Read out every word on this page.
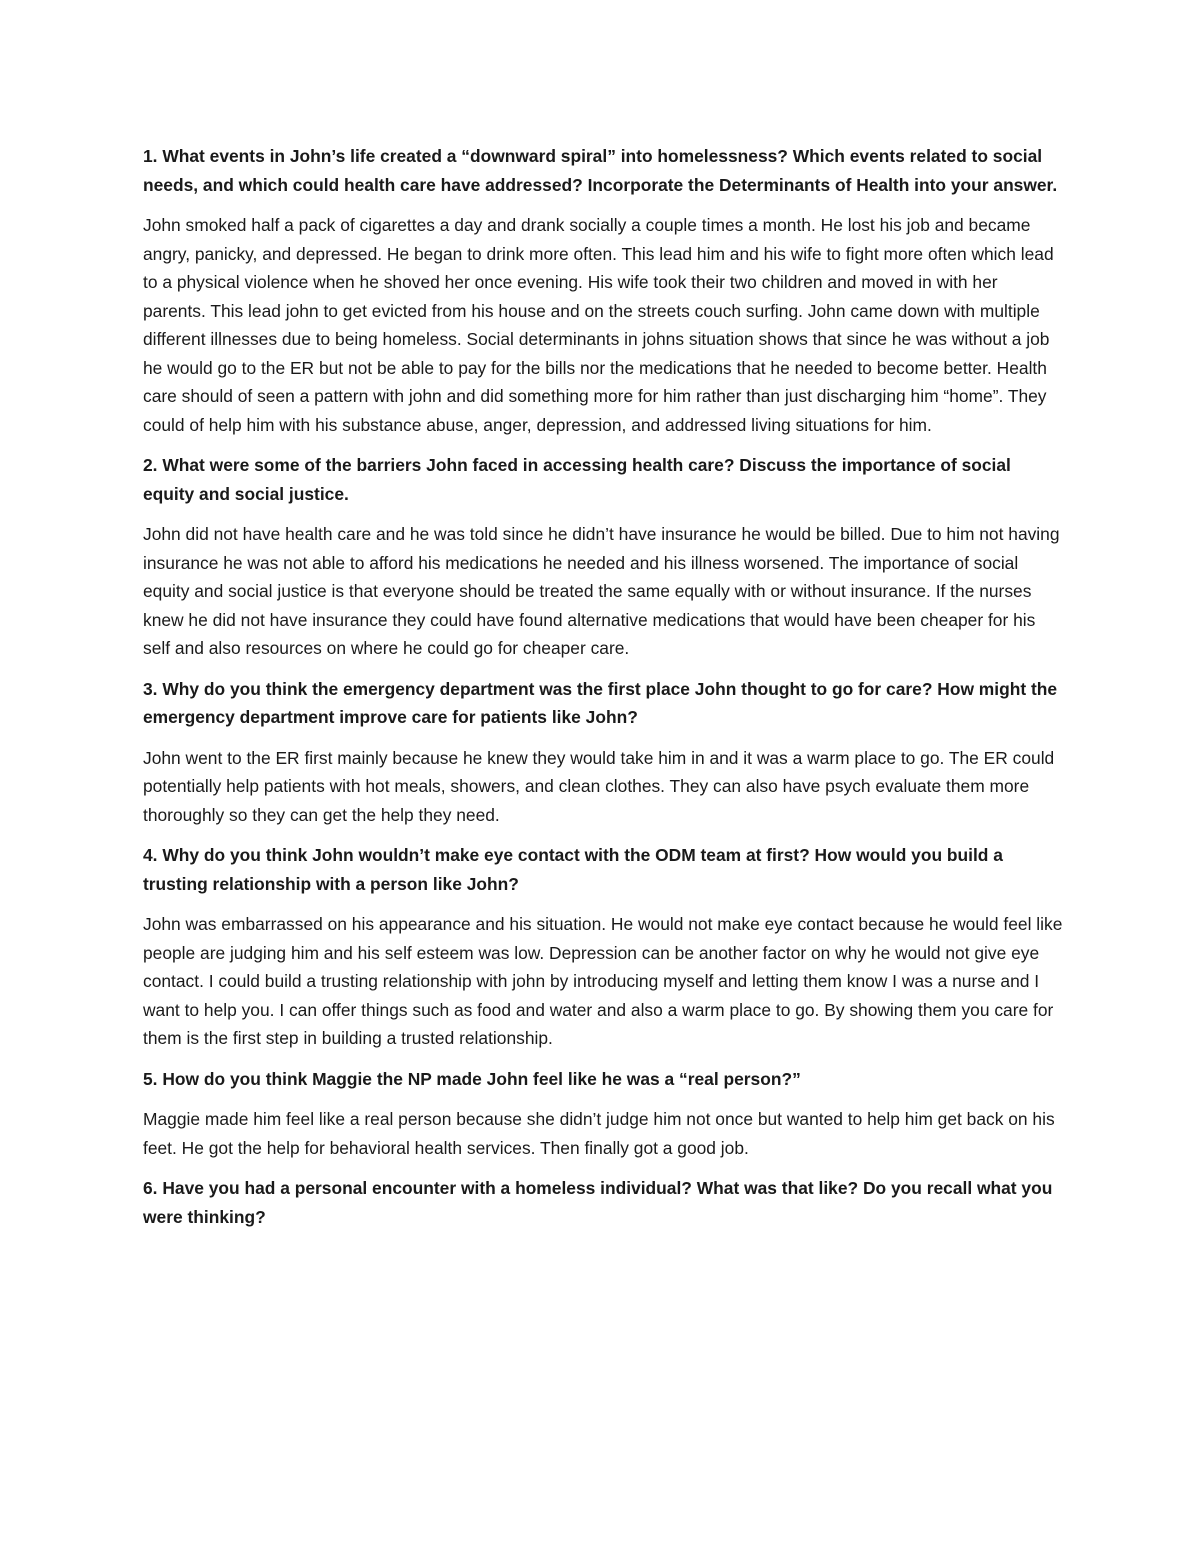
1. What events in John’s life created a “downward spiral” into homelessness? Which events related to social needs, and which could health care have addressed? Incorporate the Determinants of Health into your answer.

John smoked half a pack of cigarettes a day and drank socially a couple times a month. He lost his job and became angry, panicky, and depressed. He began to drink more often. This lead him and his wife to fight more often which lead to a physical violence when he shoved her once evening. His wife took their two children and moved in with her parents. This lead john to get evicted from his house and on the streets couch surfing. John came down with multiple different illnesses due to being homeless. Social determinants in johns situation shows that since he was without a job he would go to the ER but not be able to pay for the bills nor the medications that he needed to become better. Health care should of seen a pattern with john and did something more for him rather than just discharging him “home”. They could of help him with his substance abuse, anger, depression, and addressed living situations for him.

2. What were some of the barriers John faced in accessing health care? Discuss the importance of social equity and social justice.

John did not have health care and he was told since he didn’t have insurance he would be billed. Due to him not having insurance he was not able to afford his medications he needed and his illness worsened. The importance of social equity and social justice is that everyone should be treated the same equally with or without insurance. If the nurses knew he did not have insurance they could have found alternative medications that would have been cheaper for his self and also resources on where he could go for cheaper care.

3. Why do you think the emergency department was the first place John thought to go for care? How might the emergency department improve care for patients like John?

John went to the ER first mainly because he knew they would take him in and it was a warm place to go. The ER could potentially help patients with hot meals, showers, and clean clothes. They can also have psych evaluate them more thoroughly so they can get the help they need.

4. Why do you think John wouldn’t make eye contact with the ODM team at first? How would you build a trusting relationship with a person like John?

John was embarrassed on his appearance and his situation. He would not make eye contact because he would feel like people are judging him and his self esteem was low. Depression can be another factor on why he would not give eye contact. I could build a trusting relationship with john by introducing myself and letting them know I was a nurse and I want to help you. I can offer things such as food and water and also a warm place to go. By showing them you care for them is the first step in building a trusted relationship.

5. How do you think Maggie the NP made John feel like he was a “real person?”

Maggie made him feel like a real person because she didn’t judge him not once but wanted to help him get back on his feet. He got the help for behavioral health services. Then finally got a good job.

6. Have you had a personal encounter with a homeless individual? What was that like? Do you recall what you were thinking?
